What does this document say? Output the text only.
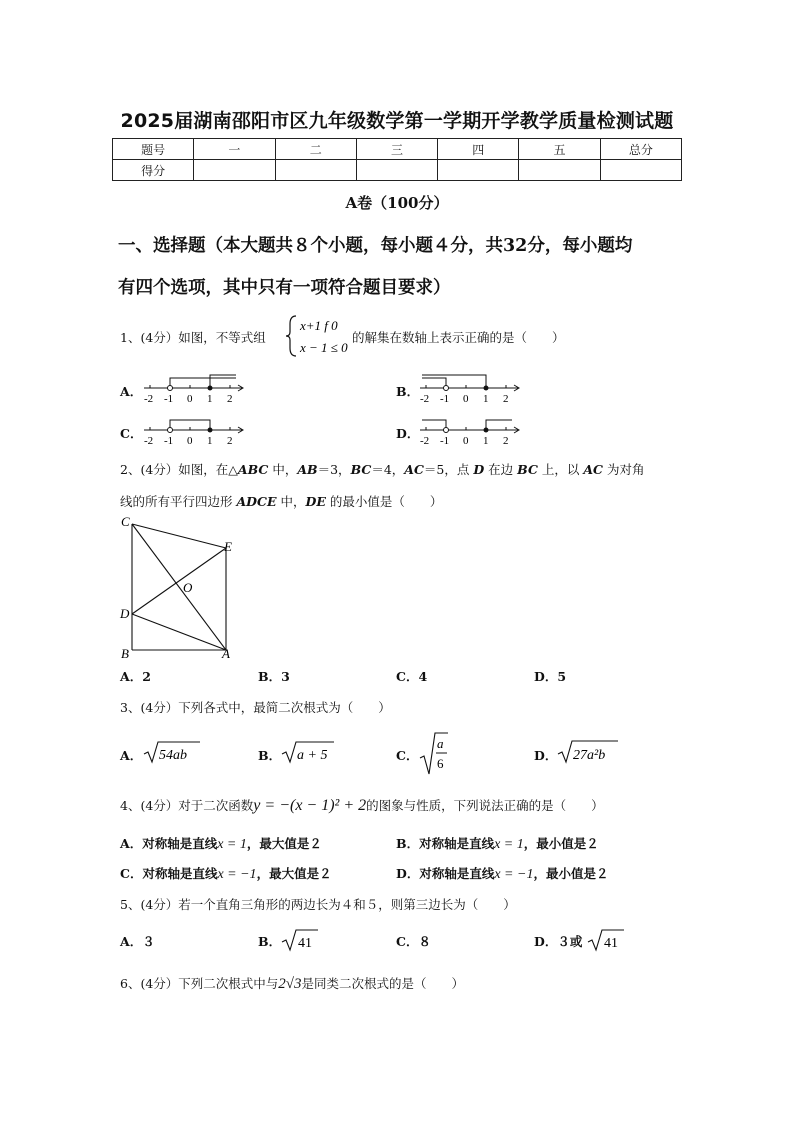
2025届湖南邵阳市区九年级数学第一学期开学教学质量检测试题
题号	一	二	三	四	五	总分
得分						
A卷（100分）
一、选择题（本大题共８个小题，每小题４分，共32分，每小题均
有四个选项，其中只有一项符合题目要求）
1、(4分）如图，不等式组
x+1 f 0
x − 1 ≤ 0
的解集在数轴上表示正确的是（　　）
A．	B．
C．	D．
-2 -1 0 1 2	-2 -1 0 1 2
-2 -1 0 1 2	-2 -1 0 1 2
2、(4分）如图，在△ABC 中，AB＝3，BC＝4，AC＝5，点 D 在边 BC 上，以 AC 为对角
线的所有平行四边形 ADCE 中，DE 的最小值是（　　）
C
E
O
D
B	A
A．2	B．3	C．4	D．5
3、(4分）下列各式中，最简二次根式为（　　）
A． 54ab	B． a + 5	C．
a
6
D． 27a²b
4、(4分）对于二次函数y = −(x − 1)² + 2的图象与性质，下列说法正确的是（　　）
A．对称轴是直线x = 1，最大值是２	B．对称轴是直线x = 1，最小值是２
C．对称轴是直线x = −1，最大值是２	D．对称轴是直线x = −1，最小值是２
5、(4分）若一个直角三角形的两边长为４和５，则第三边长为（　　）
A．３	B． 41	C．８	D．３或 41
6、(4分）下列二次根式中与2√3是同类二次根式的是（　　）
